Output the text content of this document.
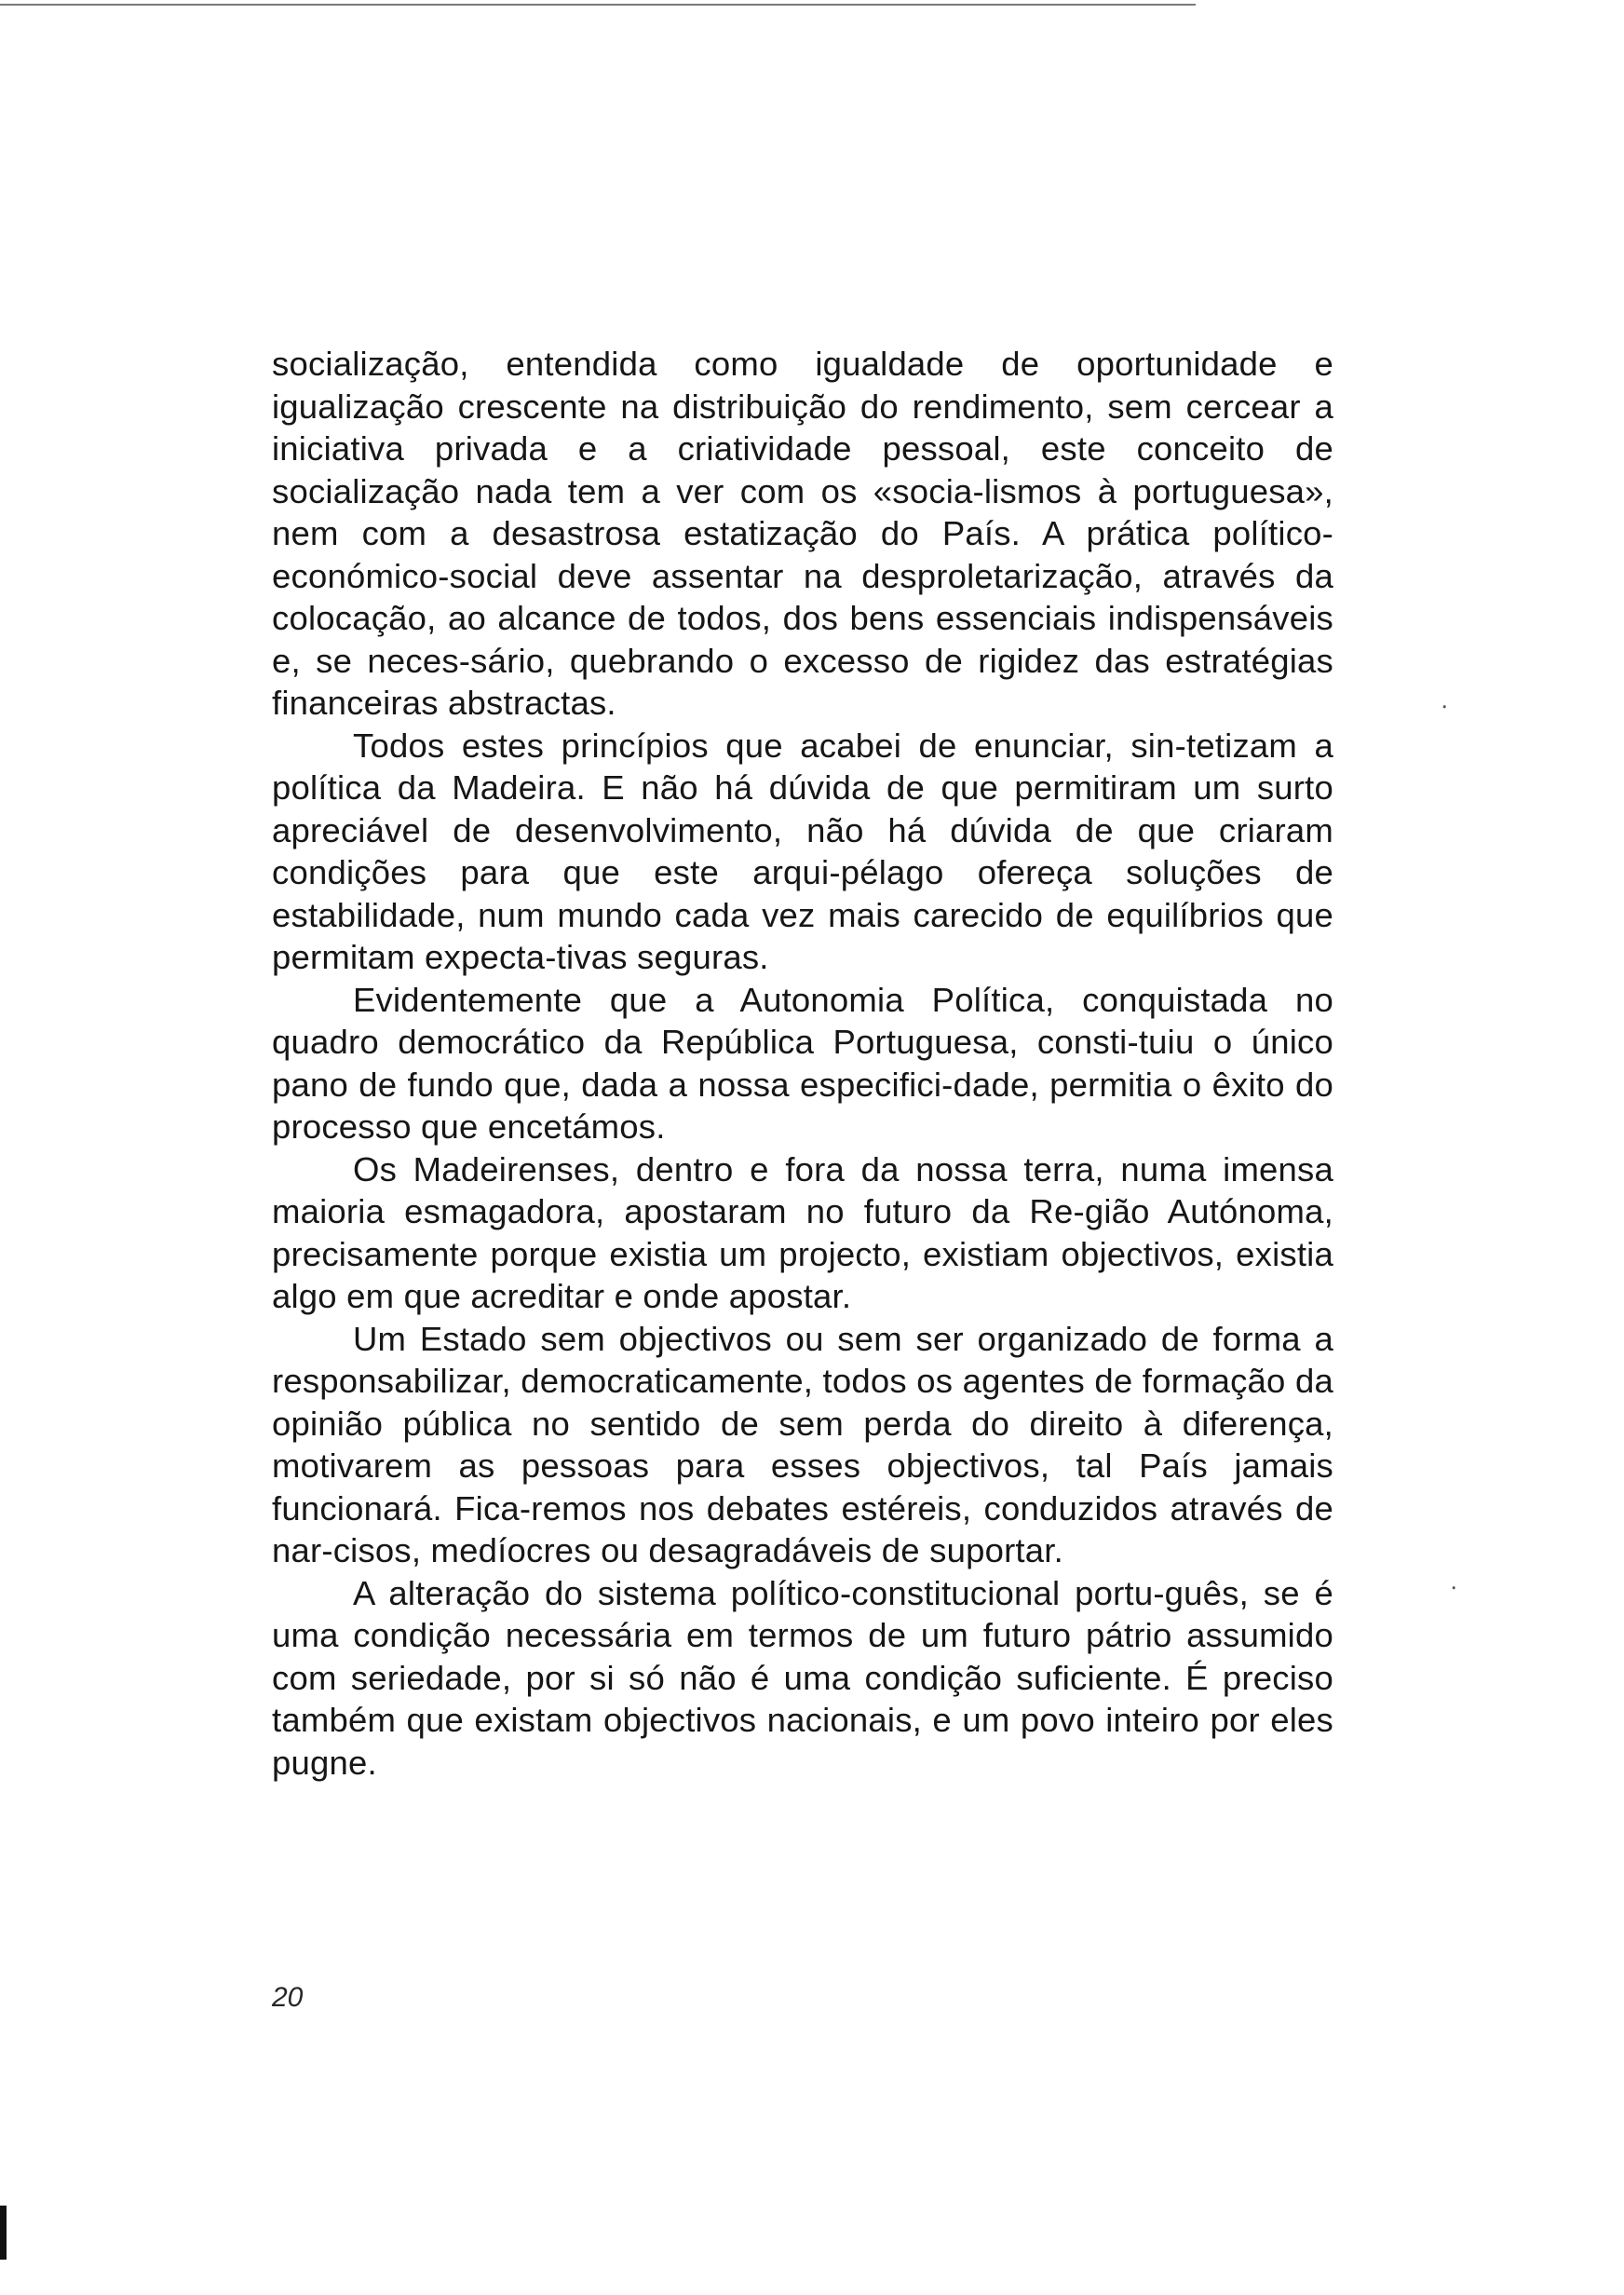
socialização, entendida como igualdade de oportunidade e igualização crescente na distribuição do rendimento, sem cercear a iniciativa privada e a criatividade pessoal, este conceito de socialização nada tem a ver com os «socia-lismos à portuguesa», nem com a desastrosa estatização do País. A prática político-económico-social deve assentar na desproletarização, através da colocação, ao alcance de todos, dos bens essenciais indispensáveis e, se neces-sário, quebrando o excesso de rigidez das estratégias financeiras abstractas.

Todos estes princípios que acabei de enunciar, sin-tetizam a política da Madeira. E não há dúvida de que permitiram um surto apreciável de desenvolvimento, não há dúvida de que criaram condições para que este arqui-pélago ofereça soluções de estabilidade, num mundo cada vez mais carecido de equilíbrios que permitam expecta-tivas seguras.

Evidentemente que a Autonomia Política, conquistada no quadro democrático da República Portuguesa, consti-tuiu o único pano de fundo que, dada a nossa especifici-dade, permitia o êxito do processo que encetámos.

Os Madeirenses, dentro e fora da nossa terra, numa imensa maioria esmagadora, apostaram no futuro da Re-gião Autónoma, precisamente porque existia um projecto, existiam objectivos, existia algo em que acreditar e onde apostar.

Um Estado sem objectivos ou sem ser organizado de forma a responsabilizar, democraticamente, todos os agentes de formação da opinião pública no sentido de sem perda do direito à diferença, motivarem as pessoas para esses objectivos, tal País jamais funcionará. Fica-remos nos debates estéreis, conduzidos através de nar-cisos, medíocres ou desagradáveis de suportar.

A alteração do sistema político-constitucional portu-guês, se é uma condição necessária em termos de um futuro pátrio assumido com seriedade, por si só não é uma condição suficiente. É preciso também que existam objectivos nacionais, e um povo inteiro por eles pugne.

20
⸱
⸱
